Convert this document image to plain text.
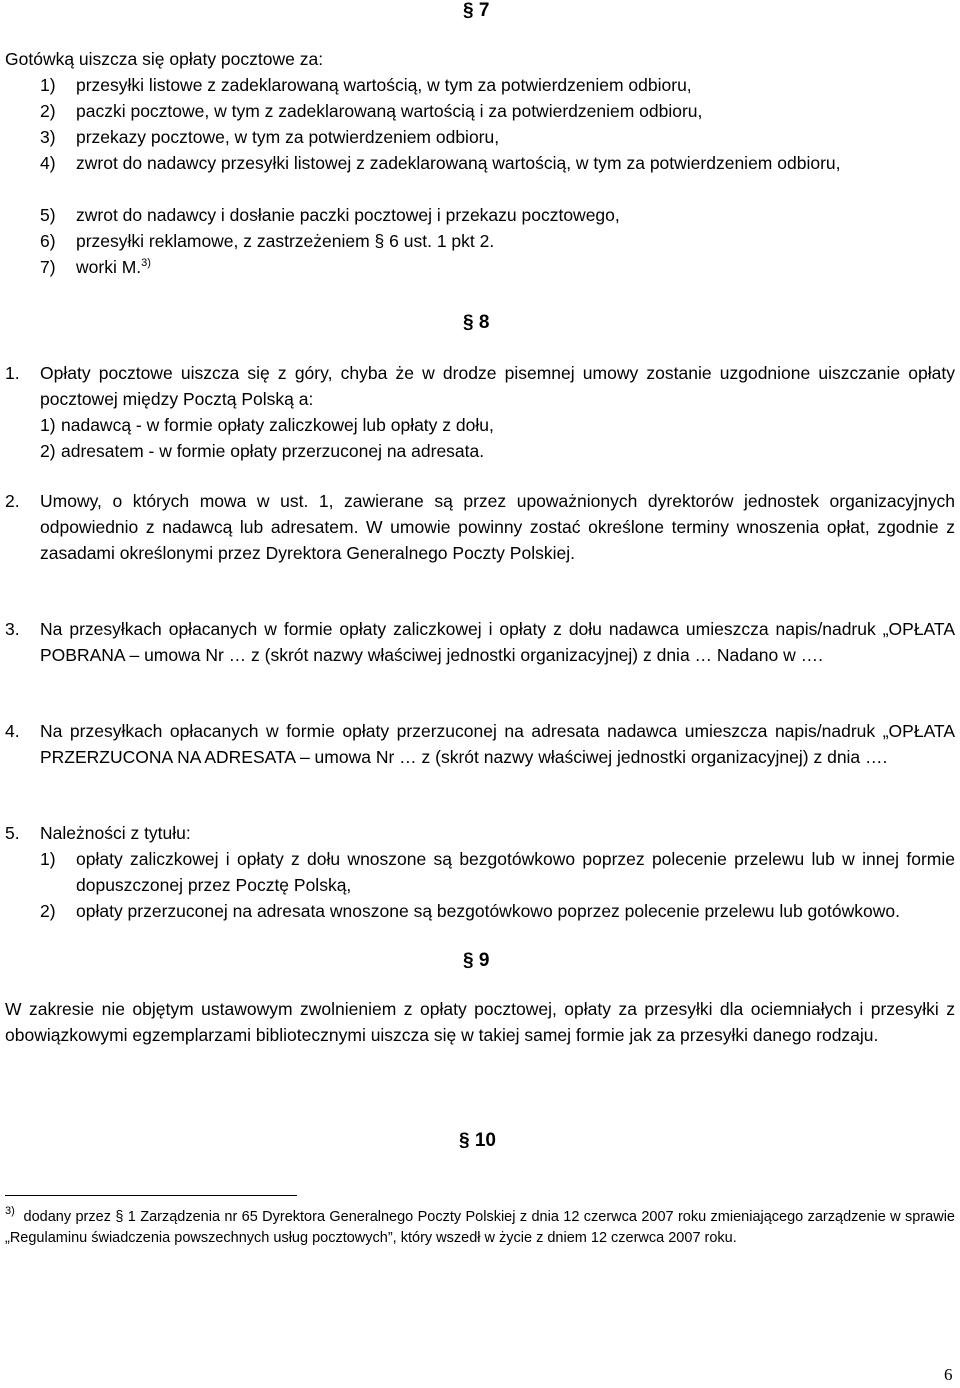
§ 7
Gotówką uiszcza się opłaty pocztowe za:
1)	przesyłki listowe z zadeklarowaną wartością, w tym za potwierdzeniem odbioru,
2)	paczki pocztowe, w tym z zadeklarowaną wartością i za potwierdzeniem odbioru,
3)	przekazy pocztowe, w tym za potwierdzeniem odbioru,
4)	zwrot do nadawcy przesyłki listowej z zadeklarowaną wartością, w tym za potwierdzeniem odbioru,
5)	zwrot do nadawcy i dosłanie paczki pocztowej i przekazu pocztowego,
6)	przesyłki reklamowe, z zastrzeżeniem § 6 ust. 1 pkt 2.
7)	worki M.$^{3)}$
§ 8
1.	Opłaty pocztowe uiszcza się z góry, chyba że w drodze pisemnej umowy zostanie uzgodnione uiszczanie opłaty pocztowej między Pocztą Polską a:
1) nadawcą - w formie opłaty zaliczkowej lub opłaty z dołu,
2) adresatem - w formie opłaty przerzuconej na adresata.
2.	Umowy, o których mowa w ust. 1, zawierane są przez upoważnionych dyrektorów jednostek organizacyjnych odpowiednio z nadawcą lub adresatem. W umowie powinny zostać określone terminy wnoszenia opłat, zgodnie z zasadami określonymi przez Dyrektora Generalnego Poczty Polskiej.
3.	Na przesyłkach opłacanych w formie opłaty zaliczkowej i opłaty z dołu nadawca umieszcza napis/nadruk „OPŁATA POBRANA – umowa Nr … z (skrót nazwy właściwej jednostki organizacyjnej) z dnia … Nadano w ….
4.	Na przesyłkach opłacanych w formie opłaty przerzuconej na adresata nadawca umieszcza napis/nadruk „OPŁATA PRZERZUCONA NA ADRESATA – umowa Nr … z (skrót nazwy właściwej jednostki organizacyjnej) z dnia ….
5.	Należności z tytułu:
1)	opłaty zaliczkowej i opłaty z dołu wnoszone są bezgotówkowo poprzez polecenie przelewu lub w innej formie dopuszczonej przez Pocztę Polską,
2)	opłaty przerzuconej na adresata wnoszone są bezgotówkowo poprzez polecenie przelewu lub gotówkowo.
§ 9
W zakresie nie objętym ustawowym zwolnieniem z opłaty pocztowej, opłaty za przesyłki dla ociemniałych i przesyłki z obowiązkowymi egzemplarzami bibliotecznymi uiszcza się w takiej samej formie jak za przesyłki danego rodzaju.
§ 10
$^{3)}$ dodany przez § 1 Zarządzenia nr 65 Dyrektora Generalnego Poczty Polskiej z dnia 12 czerwca 2007 roku zmieniającego zarządzenie w sprawie „Regulaminu świadczenia powszechnych usług pocztowych”, który wszedł w życie z dniem 12 czerwca 2007 roku.
6
